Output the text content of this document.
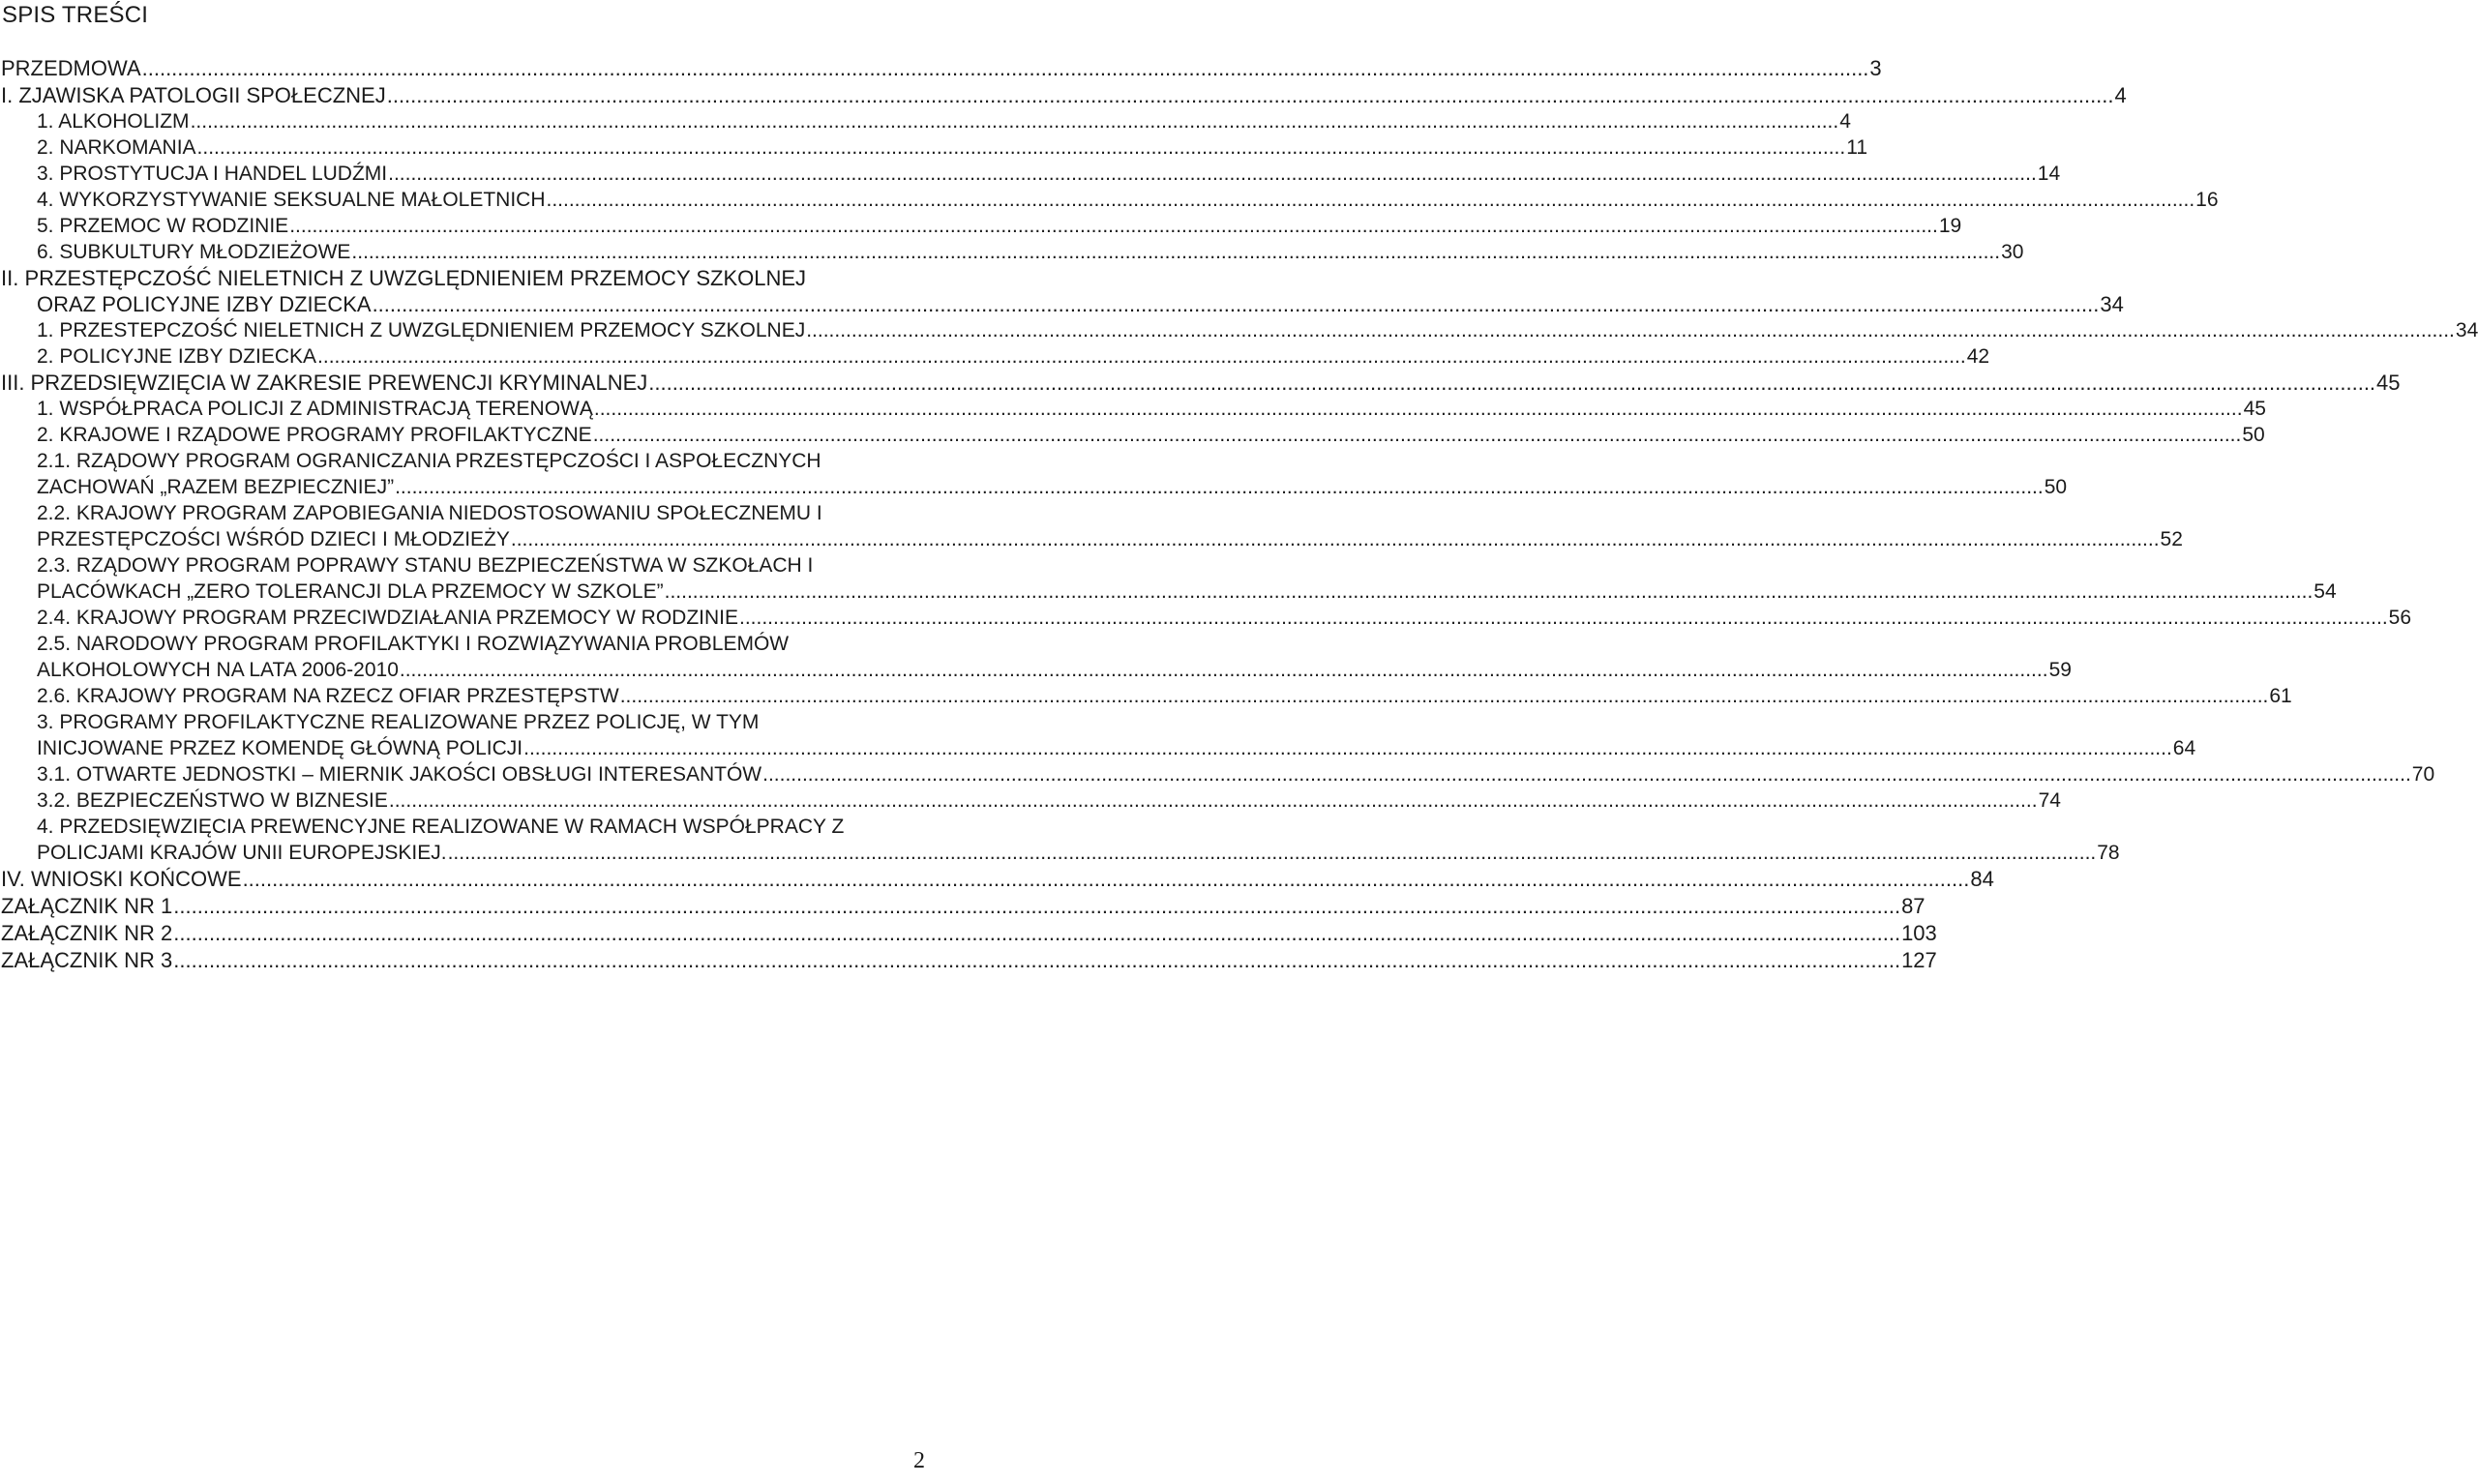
SPIS TREŚCI
PRZEDMOWA .....	3
I. ZJAWISKA PATOLOGII SPOŁECZNEJ .....	4
1. ALKOHOLIZM .....	4
2. NARKOMANIA .....	11
3. PROSTYTUCJA I HANDEL LUDŹMI .....	14
4. WYKORZYSTYWANIE SEKSUALNE MAŁOLETNICH .....	16
5. PRZEMOC W RODZINIE .....	19
6. SUBKULTURY MŁODZIEŻOWE .....	30
II. PRZESTĘPCZOŚĆ NIELETNICH Z UWZGLĘDNIENIEM PRZEMOCY SZKOLNEJ
ORAZ POLICYJNE IZBY DZIECKA .....	34
1. PRZESTEPCZOŚĆ NIELETNICH Z UWZGLĘDNIENIEM PRZEMOCY SZKOLNEJ .....	34
2. POLICYJNE IZBY DZIECKA .....	42
III. PRZEDSIĘWZIĘCIA W ZAKRESIE PREWENCJI KRYMINALNEJ .....	45
1. WSPÓŁPRACA POLICJI Z ADMINISTRACJĄ TERENOWĄ .....	45
2. KRAJOWE I RZĄDOWE PROGRAMY PROFILAKTYCZNE .....	50
2.1. RZĄDOWY PROGRAM OGRANICZANIA PRZESTĘPCZOŚCI I ASPOŁECZNYCH
ZACHOWAŃ „RAZEM BEZPIECZNIEJ” .....	50
2.2. KRAJOWY PROGRAM ZAPOBIEGANIA NIEDOSTOSOWANIU SPOŁECZNEMU I
PRZESTĘPCZOŚCI WŚRÓD DZIECI I MŁODZIEŻY .....	52
2.3. RZĄDOWY PROGRAM POPRAWY STANU BEZPIECZEŃSTWA W SZKOŁACH I
PLACÓWKACH „ZERO TOLERANCJI DLA PRZEMOCY W SZKOLE” .....	54
2.4. KRAJOWY PROGRAM PRZECIWDZIAŁANIA PRZEMOCY W RODZINIE .....	56
2.5. NARODOWY PROGRAM PROFILAKTYKI I ROZWIĄZYWANIA PROBLEMÓW
ALKOHOLOWYCH NA LATA 2006-2010 .....	59
2.6. KRAJOWY PROGRAM NA RZECZ OFIAR PRZESTĘPSTW .....	61
3. PROGRAMY PROFILAKTYCZNE REALIZOWANE PRZEZ POLICJĘ, W TYM
INICJOWANE PRZEZ KOMENDĘ GŁÓWNĄ POLICJI .....	64
3.1. OTWARTE JEDNOSTKI – MIERNIK JAKOŚCI OBSŁUGI INTERESANTÓW .....	70
3.2. BEZPIECZEŃSTWO W BIZNESIE .....	74
4. PRZEDSIĘWZIĘCIA PREWENCYJNE REALIZOWANE W RAMACH WSPÓŁPRACY Z
POLICJAMI KRAJÓW UNII EUROPEJSKIEJ. .....	78
IV. WNIOSKI KOŃCOWE .....	84
ZAŁĄCZNIK NR 1 .....	87
ZAŁĄCZNIK NR 2 .....	103
ZAŁĄCZNIK NR 3 .....	127
2
